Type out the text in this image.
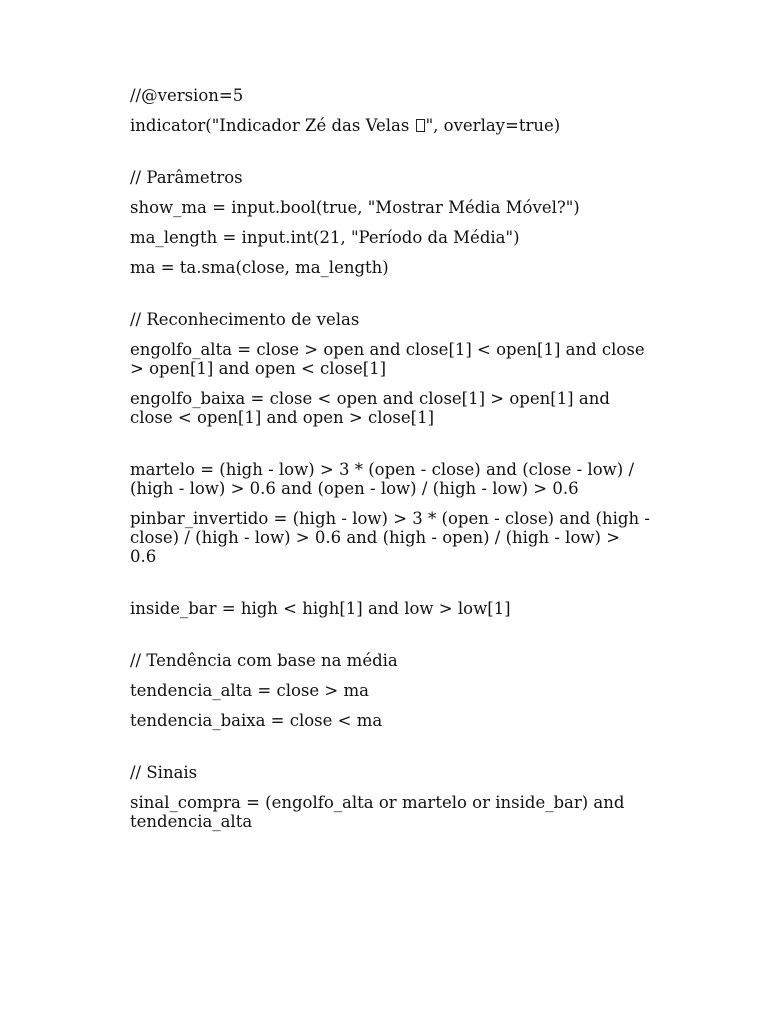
//@version=5
indicator("Indicador Zé das Velas ", overlay=true)
// Parâmetros
show_ma = input.bool(true, "Mostrar Média Móvel?")
ma_length = input.int(21, "Período da Média")
ma = ta.sma(close, ma_length)
// Reconhecimento de velas
engolfo_alta = close > open and close[1] < open[1] and close > open[1] and open < close[1]
engolfo_baixa = close < open and close[1] > open[1] and close < open[1] and open > close[1]
martelo = (high - low) > 3 * (open - close) and (close - low) / (high - low) > 0.6 and (open - low) / (high - low) > 0.6
pinbar_invertido = (high - low) > 3 * (open - close) and (high - close) / (high - low) > 0.6 and (high - open) / (high - low) > 0.6
inside_bar = high < high[1] and low > low[1]
// Tendência com base na média
tendencia_alta = close > ma
tendencia_baixa = close < ma
// Sinais
sinal_compra = (engolfo_alta or martelo or inside_bar) and tendencia_alta
